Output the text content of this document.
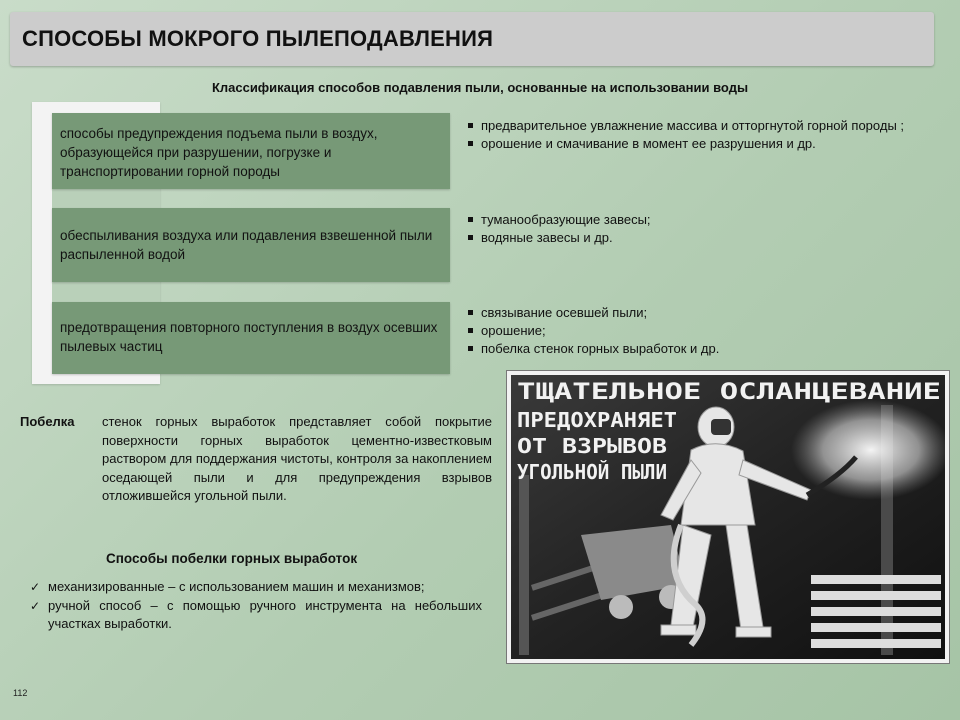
СПОСОБЫ МОКРОГО ПЫЛЕПОДАВЛЕНИЯ
Классификация способов подавления пыли, основанные на использовании воды
способы предупреждения подъема пыли в воздух, образующейся при разрушении, погрузке и транспортировании горной породы
обеспыливания воздуха или подавления взвешенной пыли распыленной водой
предотвращения повторного поступления в воздух осевших пылевых частиц
предварительное увлажнение массива и отторгнутой горной породы ;
орошение и смачивание в момент ее разрушения и др.
туманообразующие завесы;
водяные завесы и др.
связывание осевшей пыли;
орошение;
побелка стенок горных выработок и др.
Побелка стенок горных выработок представляет собой покрытие поверхности горных выработок цементно-известковым раствором для поддержания чистоты, контроля за накоплением оседающей пыли и для предупреждения взрывов отложившейся угольной пыли.
Способы побелки горных выработок
✓ механизированные – с использованием машин и механизмов;
✓ ручной способ – с помощью ручного инструмента на небольших участках выработки.
ТЩАТЕЛЬНОЕ ОСЛАНЦЕВАНИЕ
ПРЕДОХРАНЯЕТ
ОТ ВЗРЫВОВ
УГОЛЬНОЙ ПЫЛИ
112
